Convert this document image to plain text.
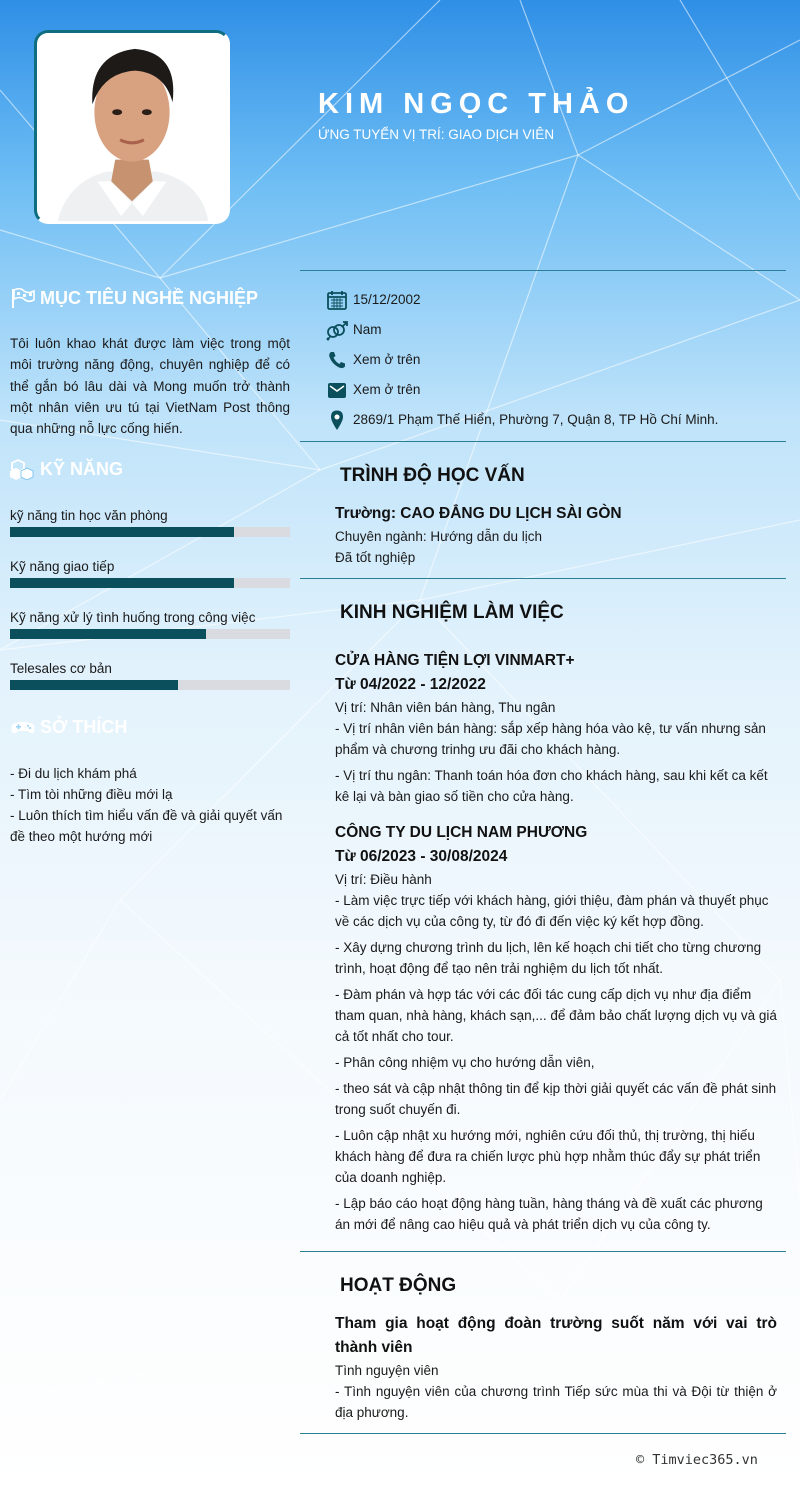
KIM NGỌC THẢO
ỨNG TUYỂN VỊ TRÍ: GIAO DỊCH VIÊN
MỤC TIÊU NGHỀ NGHIỆP
Tôi luôn khao khát được làm việc trong một môi trường năng động, chuyên nghiệp để có thể gắn bó lâu dài và Mong muốn trở thành một nhân viên ưu tú tại VietNam Post thông qua những nỗ lực cống hiến.
KỸ NĂNG
kỹ năng tin học văn phòng
Kỹ năng giao tiếp
Kỹ năng xử lý tình huống trong công việc
Telesales cơ bản
SỞ THÍCH
- Đi du lịch khám phá
- Tìm tòi những điều mới lạ
- Luôn thích tìm hiểu vấn đề và giải quyết vấn đề theo một hướng mới
15/12/2002
Nam
Xem ở trên
Xem ở trên
2869/1 Phạm Thế Hiển, Phường 7, Quận 8, TP Hồ Chí Minh.
TRÌNH ĐỘ HỌC VẤN
Trường: CAO ĐẲNG DU LỊCH SÀI GÒN
Chuyên ngành: Hướng dẫn du lịch
Đã tốt nghiệp
KINH NGHIỆM LÀM VIỆC
CỬA HÀNG TIỆN LỢI VINMART+
Từ 04/2022 - 12/2022
Vị trí: Nhân viên bán hàng, Thu ngân

- Vị trí nhân viên bán hàng: sắp xếp hàng hóa vào kệ, tư vấn nhưng sản phẩm và chương trinhg ưu đãi cho khách hàng.

- Vị trí thu ngân: Thanh toán hóa đơn cho khách hàng, sau khi kết ca kết kê lại và bàn giao số tiền cho cửa hàng.

CÔNG TY DU LỊCH NAM PHƯƠNG
Từ 06/2023 - 30/08/2024
Vị trí: Điều hành

- Làm việc trực tiếp với khách hàng, giới thiệu, đàm phán và thuyết phục về các dịch vụ của công ty, từ đó đi đến việc ký kết hợp đồng.

- Xây dựng chương trình du lịch, lên kế hoạch chi tiết cho từng chương trình, hoạt động để tạo nên trải nghiệm du lịch tốt nhất.

- Đàm phán và hợp tác với các đối tác cung cấp dịch vụ như địa điểm tham quan, nhà hàng, khách sạn,... để đảm bảo chất lượng dịch vụ và giá cả tốt nhất cho tour.

- Phân công nhiệm vụ cho hướng dẫn viên,

- theo sát và cập nhật thông tin để kịp thời giải quyết các vấn đề phát sinh trong suốt chuyến đi.

- Luôn cập nhật xu hướng mới, nghiên cứu đối thủ, thị trường, thị hiếu khách hàng để đưa ra chiến lược phù hợp nhằm thúc đẩy sự phát triển của doanh nghiệp.

- Lập báo cáo hoạt động hàng tuần, hàng tháng và đề xuất các phương án mới để nâng cao hiệu quả và phát triển dịch vụ của công ty.

HOẠT ĐỘNG
Tham gia hoạt động đoàn trường suốt năm với vai trò thành viên
Tình nguyện viên
- Tình nguyện viên của chương trình Tiếp sức mùa thi và Đội từ thiện ở địa phương.
© Timviec365.vn
